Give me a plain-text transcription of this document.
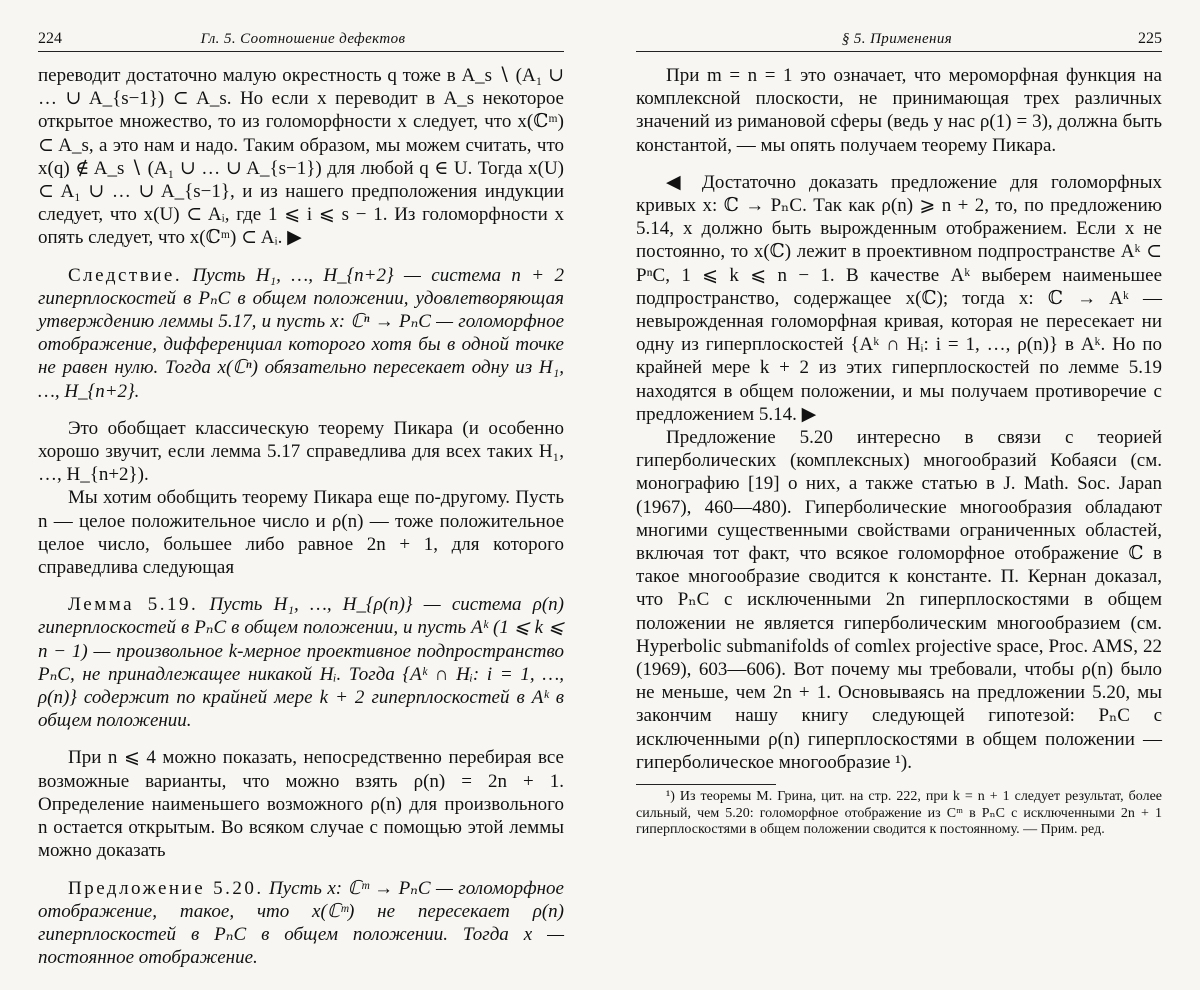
224	Гл. 5. Соотношение дефектов

переводит достаточно малую окрестность q тоже в A_s ∖ (A₁ ∪ … ∪ A_{s−1}) ⊂ A_s. Но если x переводит в A_s некоторое открытое множество, то из голоморфности x следует, что x(ℂᵐ) ⊂ A_s, а это нам и надо. Таким образом, мы можем считать, что x(q) ∉ A_s ∖ (A₁ ∪ … ∪ A_{s−1}) для любой q ∈ U. Тогда x(U) ⊂ A₁ ∪ … ∪ A_{s−1}, и из нашего предположения индукции следует, что x(U) ⊂ Aᵢ, где 1 ⩽ i ⩽ s − 1. Из голоморфности x опять следует, что x(ℂᵐ) ⊂ Aᵢ. ▶

Следствие. Пусть H₁, …, H_{n+2} — система n + 2 гиперплоскостей в PₙC в общем положении, удовлетворяющая утверждению леммы 5.17, и пусть x: ℂⁿ → PₙC — голоморфное отображение, дифференциал которого хотя бы в одной точке не равен нулю. Тогда x(ℂⁿ) обязательно пересекает одну из H₁, …, H_{n+2}.

Это обобщает классическую теорему Пикара (и особенно хорошо звучит, если лемма 5.17 справедлива для всех таких H₁, …, H_{n+2}).

Мы хотим обобщить теорему Пикара еще по-другому. Пусть n — целое положительное число и ρ(n) — тоже положительное целое число, большее либо равное 2n + 1, для которого справедлива следующая

Лемма 5.19. Пусть H₁, …, H_{ρ(n)} — система ρ(n) гиперплоскостей в PₙC в общем положении, и пусть Aᵏ (1 ⩽ k ⩽ n − 1) — произвольное k-мерное проективное подпространство PₙC, не принадлежащее никакой Hᵢ. Тогда {Aᵏ ∩ Hᵢ: i = 1, …, ρ(n)} содержит по крайней мере k + 2 гиперплоскостей в Aᵏ в общем положении.

При n ⩽ 4 можно показать, непосредственно перебирая все возможные варианты, что можно взять ρ(n) = 2n + 1. Определение наименьшего возможного ρ(n) для произвольного n остается открытым. Во всяком случае с помощью этой леммы можно доказать

Предложение 5.20. Пусть x: ℂᵐ → PₙC — голоморфное отображение, такое, что x(ℂᵐ) не пересекает ρ(n) гиперплоскостей в PₙC в общем положении. Тогда x — постоянное отображение.

§ 5. Применения	225

При m = n = 1 это означает, что мероморфная функция на комплексной плоскости, не принимающая трех различных значений из римановой сферы (ведь у нас ρ(1) = 3), должна быть константой, — мы опять получаем теорему Пикара.

◀ Достаточно доказать предложение для голоморфных кривых x: ℂ → PₙC. Так как ρ(n) ⩾ n + 2, то, по предложению 5.14, x должно быть вырожденным отображением. Если x не постоянно, то x(ℂ) лежит в проективном подпространстве Aᵏ ⊂ PⁿC, 1 ⩽ k ⩽ n − 1. В качестве Aᵏ выберем наименьшее подпространство, содержащее x(ℂ); тогда x: ℂ → Aᵏ — невырожденная голоморфная кривая, которая не пересекает ни одну из гиперплоскостей {Aᵏ ∩ Hᵢ: i = 1, …, ρ(n)} в Aᵏ. Но по крайней мере k + 2 из этих гиперплоскостей по лемме 5.19 находятся в общем положении, и мы получаем противоречие с предложением 5.14. ▶

Предложение 5.20 интересно в связи с теорией гиперболических (комплексных) многообразий Кобаяси (см. монографию [19] о них, а также статью в J. Math. Soc. Japan (1967), 460—480). Гиперболические многообразия обладают многими существенными свойствами ограниченных областей, включая тот факт, что всякое голоморфное отображение ℂ в такое многообразие сводится к константе. П. Кернан доказал, что PₙC с исключенными 2n гиперплоскостями в общем положении не является гиперболическим многообразием (см. Hyperbolic submanifolds of comlex projective space, Proc. AMS, 22 (1969), 603—606). Вот почему мы требовали, чтобы ρ(n) было не меньше, чем 2n + 1. Основываясь на предложении 5.20, мы закончим нашу книгу следующей гипотезой: PₙC с исключенными ρ(n) гиперплоскостями в общем положении — гиперболическое многообразие ¹).

¹) Из теоремы М. Грина, цит. на стр. 222, при k = n + 1 следует результат, более сильный, чем 5.20: голоморфное отображение из Cᵐ в PₙC с исключенными 2n + 1 гиперплоскостями в общем положении сводится к постоянному. — Прим. ред.
